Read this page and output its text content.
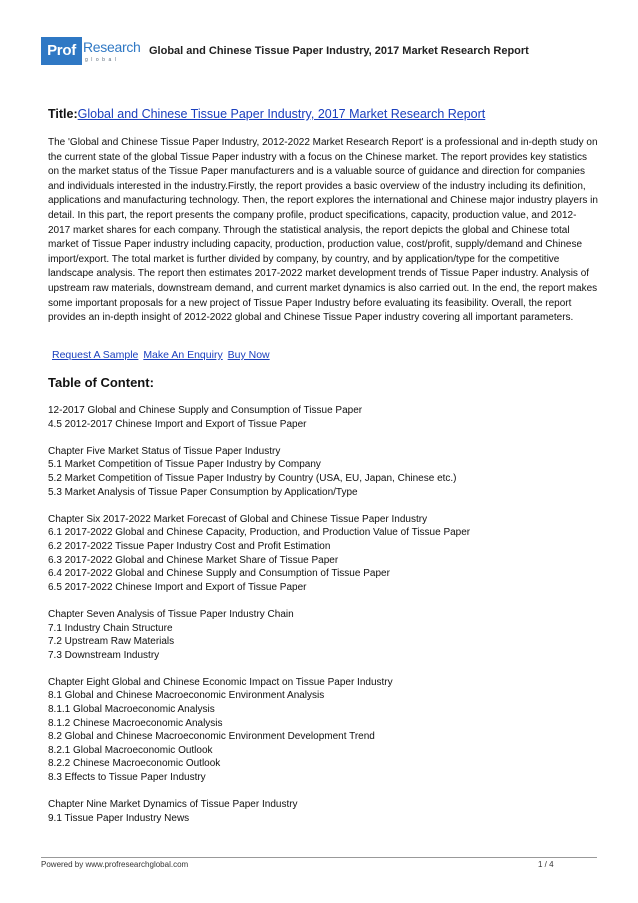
Prof Research
global
Global and Chinese Tissue Paper Industry, 2017 Market Research Report
Title:Global and Chinese Tissue Paper Industry, 2017 Market Research Report
The 'Global and Chinese Tissue Paper Industry, 2012-2022 Market Research Report' is a professional and in-depth study on the current state of the global Tissue Paper industry with a focus on the Chinese market. The report provides key statistics on the market status of the Tissue Paper manufacturers and is a valuable source of guidance and direction for companies and individuals interested in the industry.Firstly, the report provides a basic overview of the industry including its definition, applications and manufacturing technology. Then, the report explores the international and Chinese major industry players in detail. In this part, the report presents the company profile, product specifications, capacity, production value, and 2012-2017 market shares for each company. Through the statistical analysis, the report depicts the global and Chinese total market of Tissue Paper industry including capacity, production, production value, cost/profit, supply/demand and Chinese import/export. The total market is further divided by company, by country, and by application/type for the competitive landscape analysis. The report then estimates 2017-2022 market development trends of Tissue Paper industry. Analysis of upstream raw materials, downstream demand, and current market dynamics is also carried out. In the end, the report makes some important proposals for a new project of Tissue Paper Industry before evaluating its feasibility. Overall, the report provides an in-depth insight of 2012-2022 global and Chinese Tissue Paper industry covering all important parameters.
Request A Sample Make An Enquiry Buy Now
Table of Content:
12-2017 Global and Chinese Supply and Consumption of Tissue Paper
4.5 2012-2017 Chinese Import and Export of Tissue Paper
Chapter Five Market Status of Tissue Paper Industry
5.1 Market Competition of Tissue Paper Industry by Company
5.2 Market Competition of Tissue Paper Industry by Country (USA, EU, Japan, Chinese etc.)
5.3 Market Analysis of Tissue Paper Consumption by Application/Type
Chapter Six 2017-2022 Market Forecast of Global and Chinese Tissue Paper Industry
6.1 2017-2022 Global and Chinese Capacity, Production, and Production Value of Tissue Paper
6.2 2017-2022 Tissue Paper Industry Cost and Profit Estimation
6.3 2017-2022 Global and Chinese Market Share of Tissue Paper
6.4 2017-2022 Global and Chinese Supply and Consumption of Tissue Paper
6.5 2017-2022 Chinese Import and Export of Tissue Paper
Chapter Seven Analysis of Tissue Paper Industry Chain
7.1 Industry Chain Structure
7.2 Upstream Raw Materials
7.3 Downstream Industry
Chapter Eight Global and Chinese Economic Impact on Tissue Paper Industry
8.1 Global and Chinese Macroeconomic Environment Analysis
8.1.1 Global Macroeconomic Analysis
8.1.2 Chinese Macroeconomic Analysis
8.2 Global and Chinese Macroeconomic Environment Development Trend
8.2.1 Global Macroeconomic Outlook
8.2.2 Chinese Macroeconomic Outlook
8.3 Effects to Tissue Paper Industry
Chapter Nine Market Dynamics of Tissue Paper Industry
9.1 Tissue Paper Industry News
Powered by www.profresearchglobal.com	1 / 4
